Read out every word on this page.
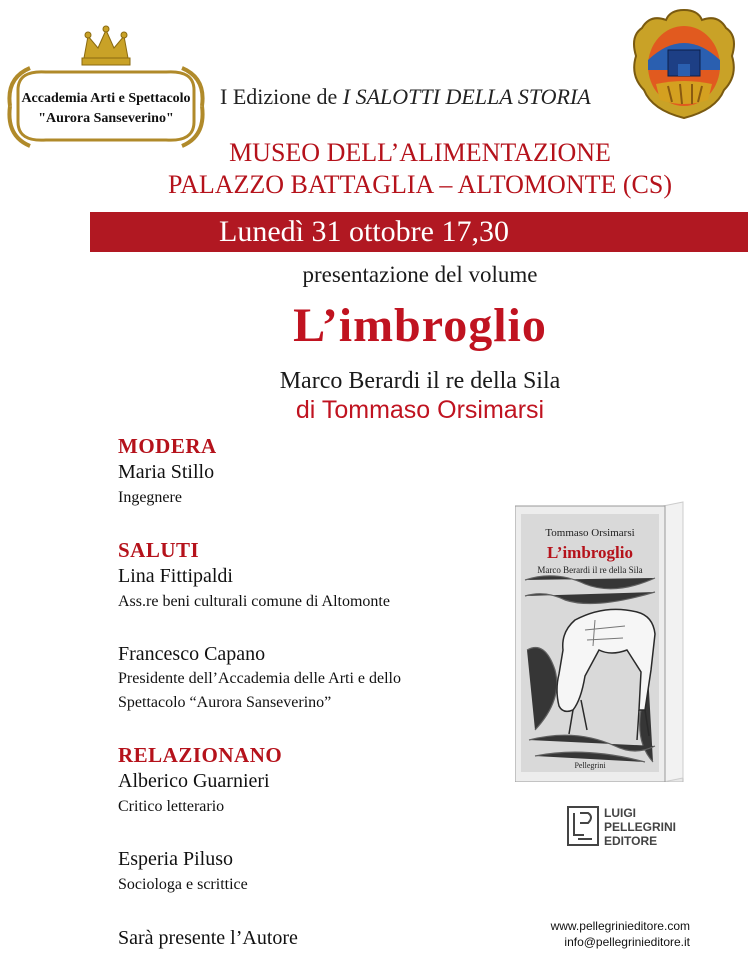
Accademia Arti e Spettacolo
"Aurora Sanseverino"
I Edizione de I SALOTTI DELLA STORIA
MUSEO DELL’ALIMENTAZIONE
PALAZZO BATTAGLIA – ALTOMONTE (CS)
Lunedì 31 ottobre 17,30
presentazione del volume
L’imbroglio
Marco Berardi il re della Sila
di Tommaso Orsimarsi
MODERA
Maria Stillo
Ingegnere
SALUTI
Lina Fittipaldi
Ass.re beni culturali comune di Altomonte
Francesco Capano
Presidente dell’Accademia delle Arti e dello
Spettacolo “Aurora Sanseverino”
RELAZIONANO
Alberico Guarnieri
Critico letterario
Esperia Piluso
Sociologa e scrittice
Sarà presente l’Autore
Tommaso Orsimarsi
L’imbroglio
Marco Berardi il re della Sila
Pellegrini
LUIGI
PELLEGRINI
EDITORE
www.pellegrinieditore.com
info@pellegrinieditore.it
